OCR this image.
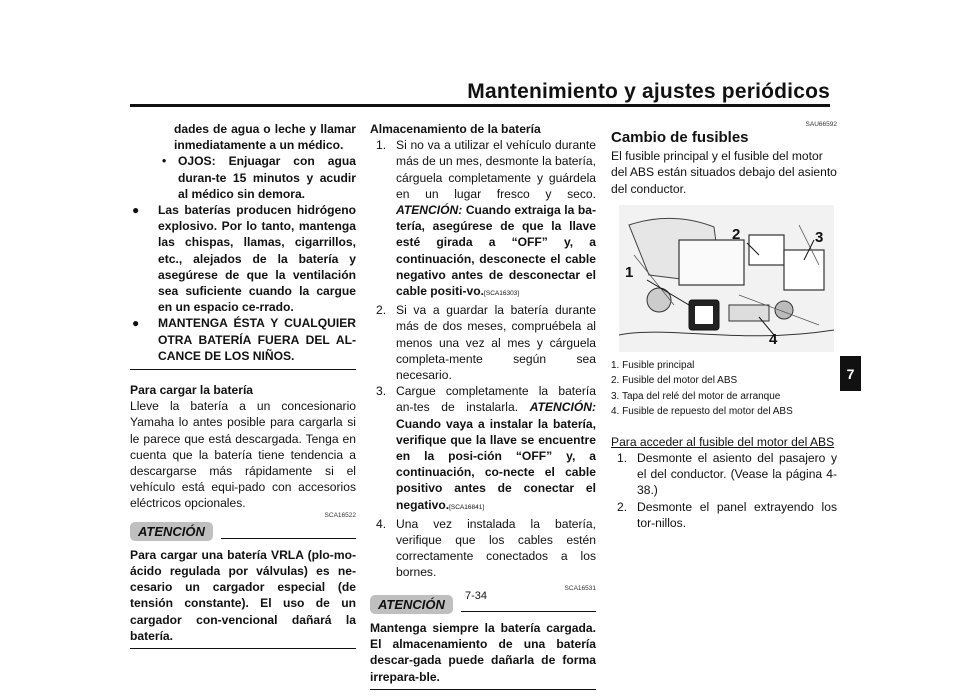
Mantenimiento y ajustes periódicos
7
dades de agua o leche y llamar inmediatamente a un médico.
• OJOS: Enjuagar con agua duran-te 15 minutos y acudir al médico sin demora.
●	Las baterías producen hidrógeno explosivo. Por lo tanto, mantenga las chispas, llamas, cigarrillos, etc., alejados de la batería y asegúrese de que la ventilación sea suficiente cuando la cargue en un espacio ce-rrado.
●	MANTENGA ÉSTA Y CUALQUIER OTRA BATERÍA FUERA DEL AL-CANCE DE LOS NIÑOS.
Para cargar la batería
Lleve la batería a un concesionario Yamaha lo antes posible para cargarla si le parece que está descargada. Tenga en cuenta que la batería tiene tendencia a descargarse más rápidamente si el vehículo está equi-pado con accesorios eléctricos opcionales.
SCA16522
ATENCIÓN
Para cargar una batería VRLA (plo-mo-ácido regulada por válvulas) es ne-cesario un cargador especial (de tensión constante). El uso de un cargador con-vencional dañará la batería.
Almacenamiento de la batería
1. Si no va a utilizar el vehículo durante más de un mes, desmonte la batería, cárguela completamente y guárdela en un lugar fresco y seco. ATENCIÓN: Cuando extraiga la ba-tería, asegúrese de que la llave esté girada a “OFF” y, a continuación, desconecte el cable negativo antes de desconectar el cable positi-vo.[SCA16303]
2. Si va a guardar la batería durante más de dos meses, compruébela al menos una vez al mes y cárguela completa-mente según sea necesario.
3. Cargue completamente la batería an-tes de instalarla. ATENCIÓN: Cuando vaya a instalar la batería, verifique que la llave se encuentre en la posi-ción “OFF” y, a continuación, co-necte el cable positivo antes de conectar el negativo.[SCA16841]
4. Una vez instalada la batería, verifique que los cables estén correctamente conectados a los bornes.
SCA16531
ATENCIÓN
Mantenga siempre la batería cargada. El almacenamiento de una batería descar-gada puede dañarla de forma irrepara-ble.
SAU66592
Cambio de fusibles
El fusible principal y el fusible del motor del ABS están situados debajo del asiento del conductor.
1
2	3
4
1. Fusible principal
2. Fusible del motor del ABS
3. Tapa del relé del motor de arranque
4. Fusible de repuesto del motor del ABS
Para acceder al fusible del motor del ABS
1. Desmonte el asiento del pasajero y el del conductor. (Vease la página 4-38.)
2. Desmonte el panel extrayendo los tor-nillos.
7-34
